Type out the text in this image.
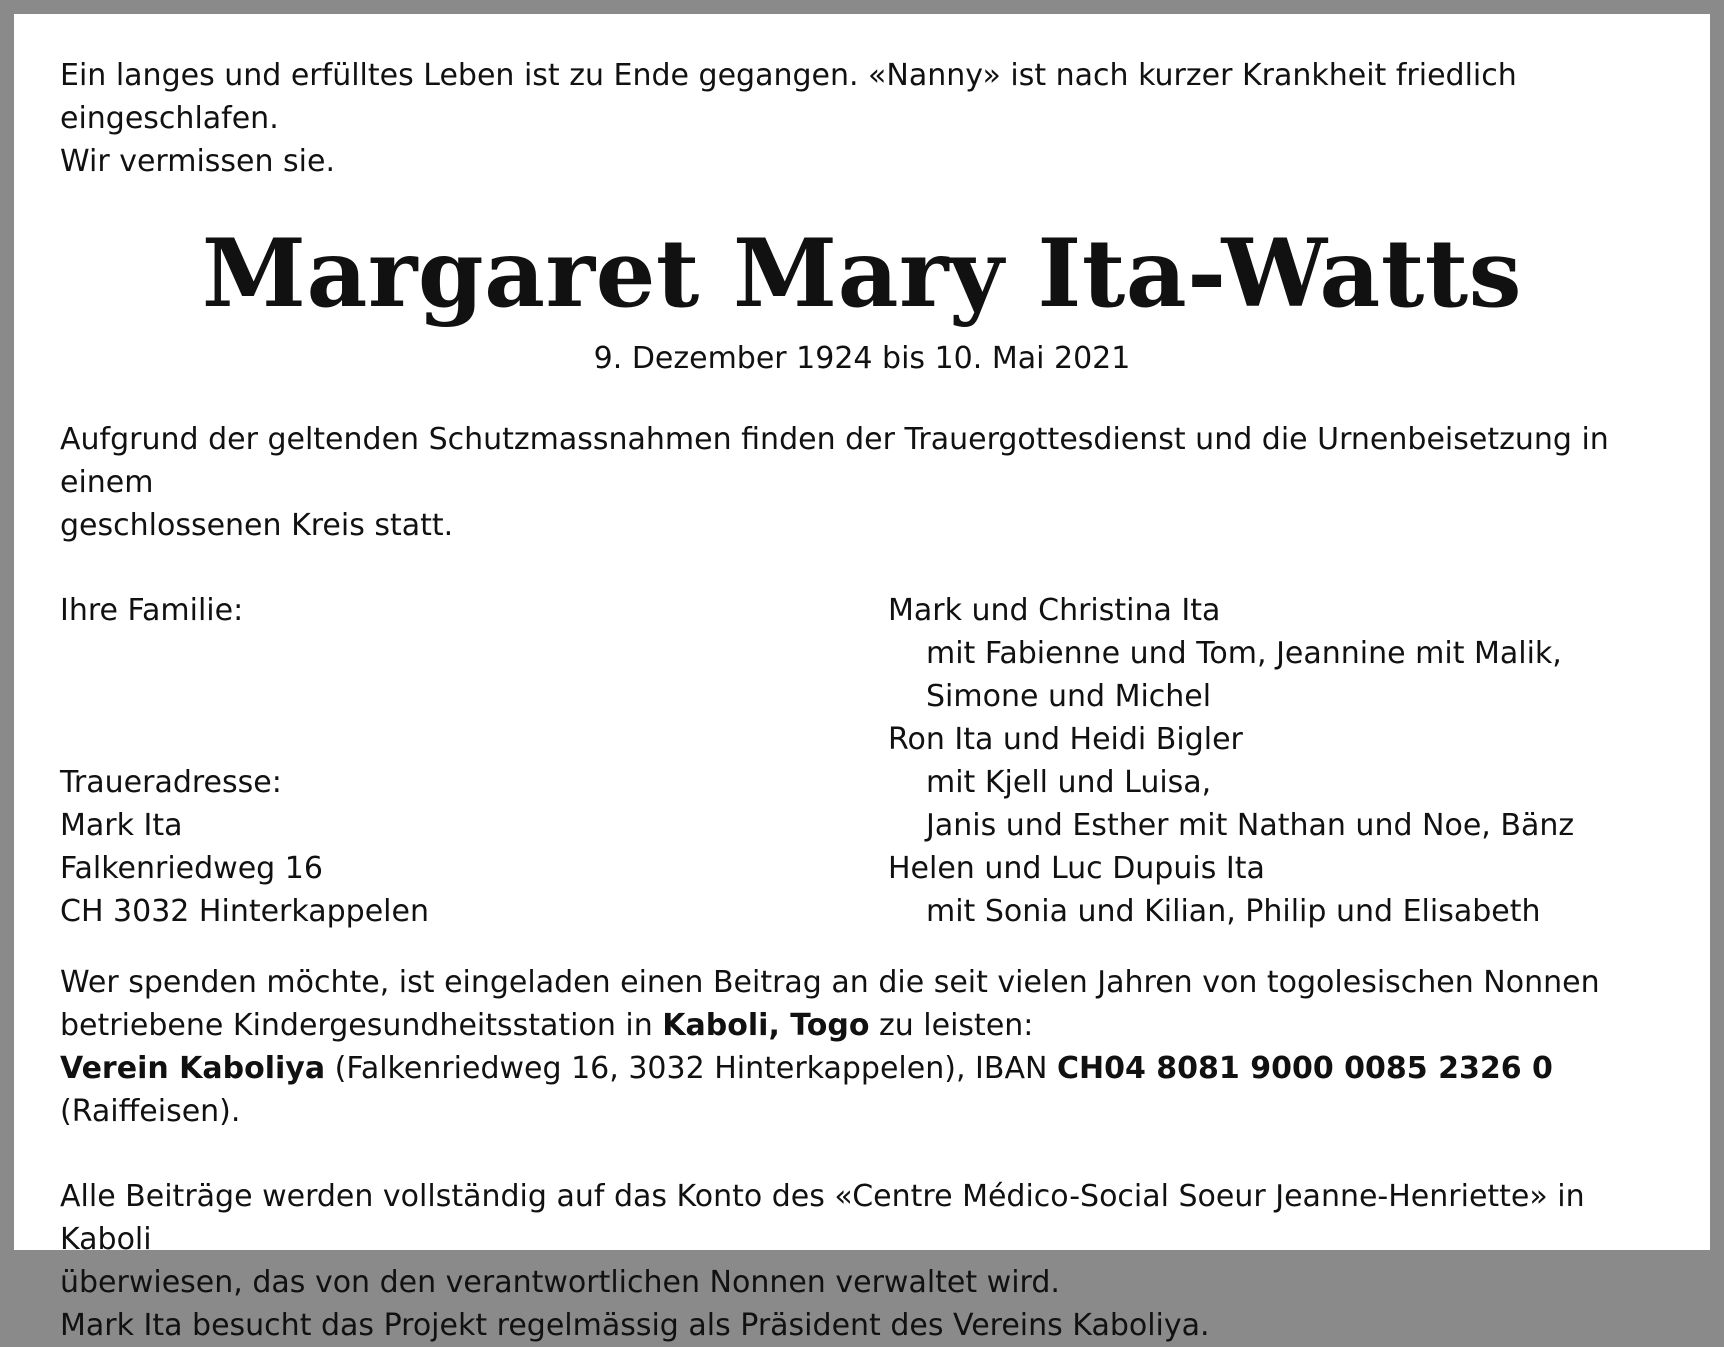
Ein langes und erfülltes Leben ist zu Ende gegangen. «Nanny» ist nach kurzer Krankheit friedlich eingeschlafen.
Wir vermissen sie.
Margaret Mary Ita-Watts
9. Dezember 1924 bis 10. Mai 2021
Aufgrund der geltenden Schutzmassnahmen finden der Trauergottesdienst und die Urnenbeisetzung in einem
geschlossenen Kreis statt.
Ihre Familie:
Traueradresse:
Mark Ita
Falkenriedweg 16
CH 3032 Hinterkappelen
Mark und Christina Ita
mit Fabienne und Tom, Jeannine mit Malik,
Simone und Michel
Ron Ita und Heidi Bigler
mit Kjell und Luisa,
Janis und Esther mit Nathan und Noe, Bänz
Helen und Luc Dupuis Ita
mit Sonia und Kilian, Philip und Elisabeth
Wer spenden möchte, ist eingeladen einen Beitrag an die seit vielen Jahren von togolesischen Nonnen
betriebene Kindergesundheitsstation in Kaboli, Togo zu leisten:
Verein Kaboliya (Falkenriedweg 16, 3032 Hinterkappelen), IBAN CH04 8081 9000 0085 2326 0 (Raiffeisen).
Alle Beiträge werden vollständig auf das Konto des «Centre Médico-Social Soeur Jeanne-Henriette» in Kaboli
überwiesen, das von den verantwortlichen Nonnen verwaltet wird.
Mark Ita besucht das Projekt regelmässig als Präsident des Vereins Kaboliya.
